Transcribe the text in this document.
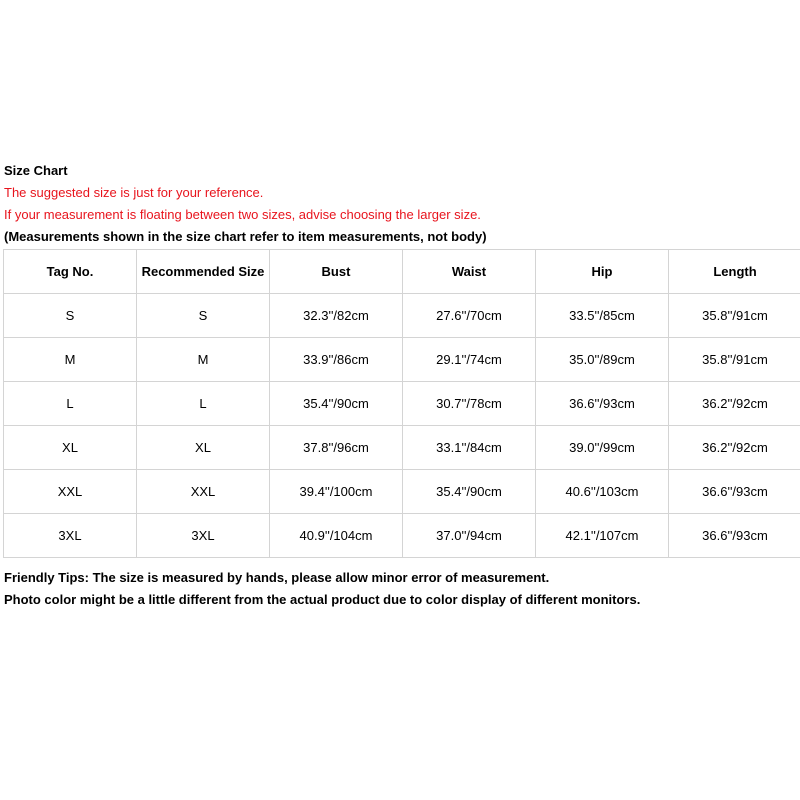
Size Chart
The suggested size is just for your reference.
If your measurement is floating between two sizes, advise choosing the larger size.
(Measurements shown in the size chart refer to item measurements, not body)
Tag No.	Recommended Size	Bust	Waist	Hip	Length
S	S	32.3''/82cm	27.6''/70cm	33.5''/85cm	35.8''/91cm
M	M	33.9''/86cm	29.1''/74cm	35.0''/89cm	35.8''/91cm
L	L	35.4''/90cm	30.7''/78cm	36.6''/93cm	36.2''/92cm
XL	XL	37.8''/96cm	33.1''/84cm	39.0''/99cm	36.2''/92cm
XXL	XXL	39.4''/100cm	35.4''/90cm	40.6''/103cm	36.6''/93cm
3XL	3XL	40.9''/104cm	37.0''/94cm	42.1''/107cm	36.6''/93cm
Friendly Tips: The size is measured by hands, please allow minor error of measurement.
Photo color might be a little different from the actual product due to color display of different monitors.
